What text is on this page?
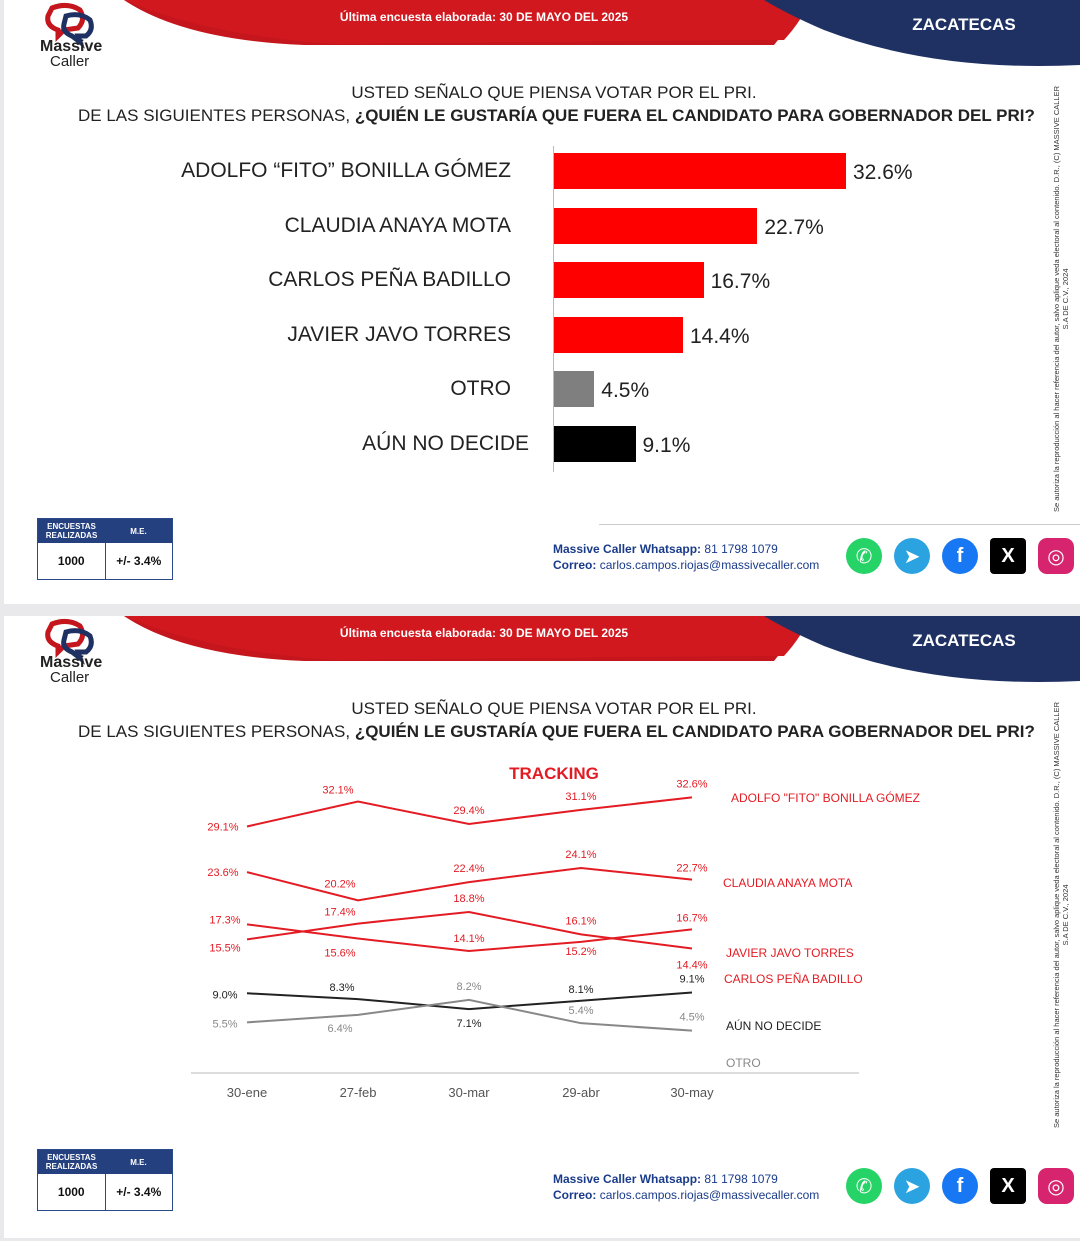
Última encuesta elaborada: 30 DE MAYO DEL 2025	ZACATECAS
Massive
Caller
USTED SEÑALO QUE PIENSA VOTAR POR EL PRI.
DE LAS SIGUIENTES PERSONAS, ¿QUIÉN LE GUSTARÍA QUE FUERA EL CANDIDATO PARA GOBERNADOR DEL PRI?
ADOLFO “FITO” BONILLA GÓMEZ	32.6%
CLAUDIA ANAYA MOTA	22.7%
CARLOS PEÑA BADILLO	16.7%
JAVIER JAVO TORRES	14.4%
OTRO	4.5%
AÚN NO DECIDE	9.1%	Se autoriza la reproducción al hacer referencia del autor, salvo aplique veda electoral al contenido. D.R., (C) MASSIVE CALLER S.A DE C.V., 2024
ENCUESTAS REALIZADAS	M.E.
1000	+/- 3.4%
Massive Caller Whatsapp: 81 1798 1079
Correo: carlos.campos.riojas@massivecaller.com	✆	➤	f	X	◎
Última encuesta elaborada: 30 DE MAYO DEL 2025	ZACATECAS
Massive
Caller
USTED SEÑALO QUE PIENSA VOTAR POR EL PRI.
DE LAS SIGUIENTES PERSONAS, ¿QUIÉN LE GUSTARÍA QUE FUERA EL CANDIDATO PARA GOBERNADOR DEL PRI?
TRACKING
30-ene	27-feb	30-mar	29-abr	30-may
29.1%
32.1%
29.4%
31.1%
32.6%
ADOLFO "FITO" BONILLA GÓMEZ
23.6%
20.2%
22.4%
24.1%
22.7%
CLAUDIA ANAYA MOTA
15.5%
17.4%
18.8%
16.1%
14.4%
JAVIER JAVO TORRES
17.3%
15.6%
14.1%
15.2%
16.7%
CARLOS PEÑA BADILLO
9.0%
8.3%
7.1%
8.1%
9.1%
AÚN NO DECIDE
5.5%	6.4%
8.2%
5.4%
4.5%
OTRO	Se autoriza la reproducción al hacer referencia del autor, salvo aplique veda electoral al contenido. D.R., (C) MASSIVE CALLER S.A DE C.V., 2024
ENCUESTAS REALIZADAS	M.E.
1000	+/- 3.4%
Massive Caller Whatsapp: 81 1798 1079
Correo: carlos.campos.riojas@massivecaller.com	✆	➤	f	X	◎
